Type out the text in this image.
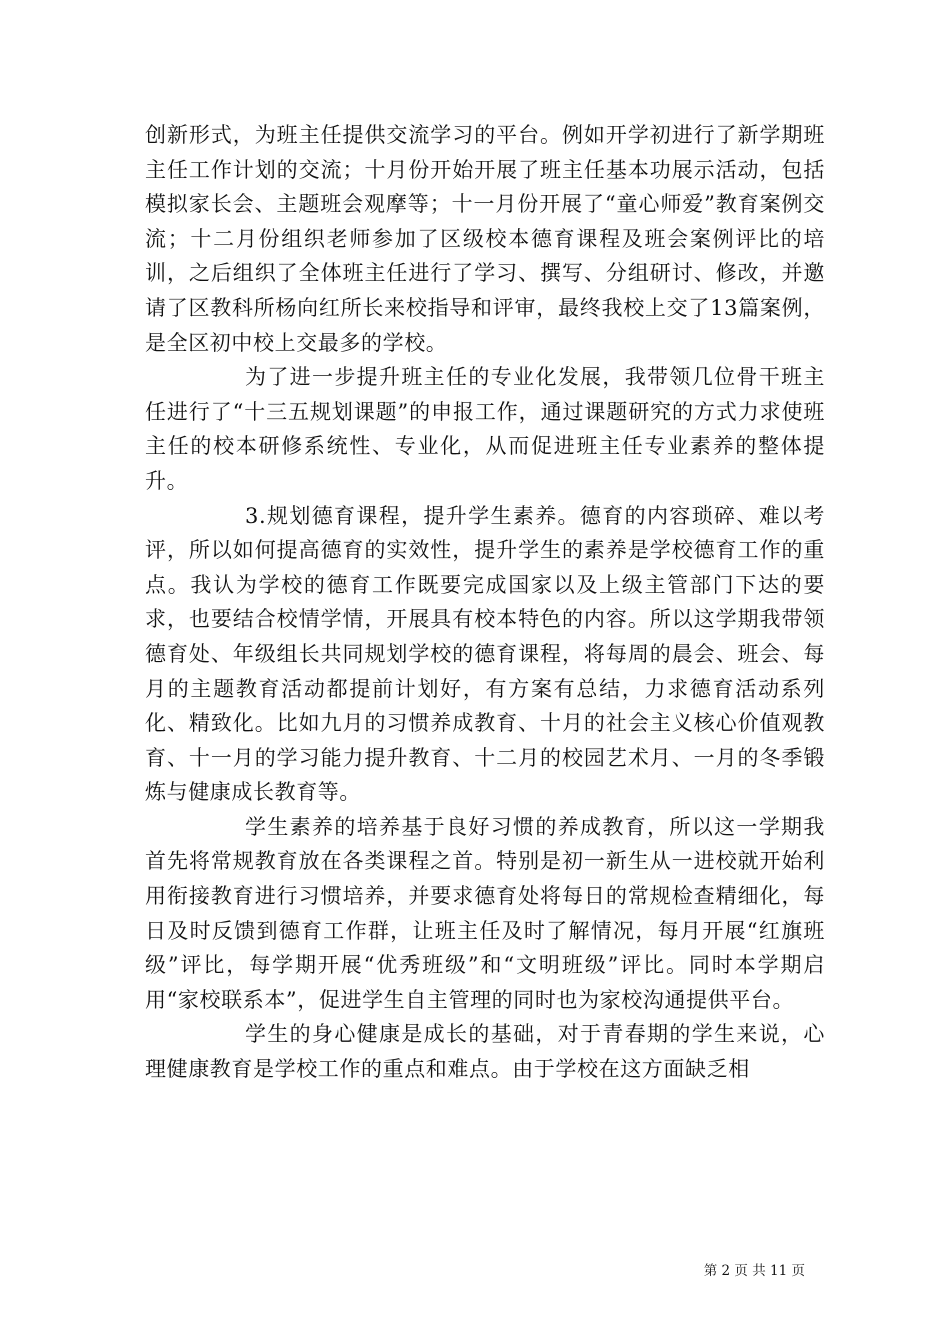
创新形式，为班主任提供交流学习的平台。例如开学初进行了新学期班主任工作计划的交流；十月份开始开展了班主任基本功展示活动，包括模拟家长会、主题班会观摩等；十一月份开展了“童心师爱”教育案例交流；十二月份组织老师参加了区级校本德育课程及班会案例评比的培训，之后组织了全体班主任进行了学习、撰写、分组研讨、修改，并邀请了区教科所杨向红所长来校指导和评审，最终我校上交了13篇案例，是全区初中校上交最多的学校。

为了进一步提升班主任的专业化发展，我带领几位骨干班主任进行了“十三五规划课题”的申报工作，通过课题研究的方式力求使班主任的校本研修系统性、专业化，从而促进班主任专业素养的整体提升。

3.规划德育课程，提升学生素养。德育的内容琐碎、难以考评，所以如何提高德育的实效性，提升学生的素养是学校德育工作的重点。我认为学校的德育工作既要完成国家以及上级主管部门下达的要求，也要结合校情学情，开展具有校本特色的内容。所以这学期我带领德育处、年级组长共同规划学校的德育课程，将每周的晨会、班会、每月的主题教育活动都提前计划好，有方案有总结，力求德育活动系列化、精致化。比如九月的习惯养成教育、十月的社会主义核心价值观教育、十一月的学习能力提升教育、十二月的校园艺术月、一月的冬季锻炼与健康成长教育等。

学生素养的培养基于良好习惯的养成教育，所以这一学期我首先将常规教育放在各类课程之首。特别是初一新生从一进校就开始利用衔接教育进行习惯培养，并要求德育处将每日的常规检查精细化，每日及时反馈到德育工作群，让班主任及时了解情况，每月开展“红旗班级”评比，每学期开展“优秀班级”和“文明班级”评比。同时本学期启用“家校联系本”，促进学生自主管理的同时也为家校沟通提供平台。

学生的身心健康是成长的基础，对于青春期的学生来说，心理健康教育是学校工作的重点和难点。由于学校在这方面缺乏相

第 2 页 共 11 页
